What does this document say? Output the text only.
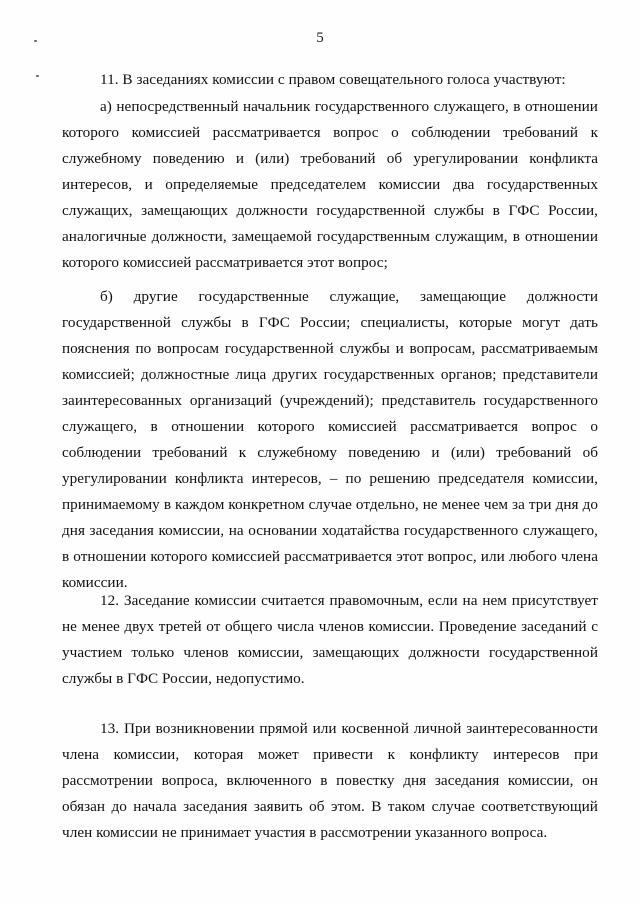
5
11. В заседаниях комиссии с правом совещательного голоса участвуют:
а) непосредственный начальник государственного служащего, в отношении которого комиссией рассматривается вопрос о соблюдении требований к служебному поведению и (или) требований об урегулировании конфликта интересов, и определяемые председателем комиссии два государственных служащих, замещающих должности государственной службы в ГФС России, аналогичные должности, замещаемой государственным служащим, в отношении которого комиссией рассматривается этот вопрос;
б) другие государственные служащие, замещающие должности государственной службы в ГФС России; специалисты, которые могут дать пояснения по вопросам государственной службы и вопросам, рассматриваемым комиссией; должностные лица других государственных органов; представители заинтересованных организаций (учреждений); представитель государственного служащего, в отношении которого комиссией рассматривается вопрос о соблюдении требований к служебному поведению и (или) требований об урегулировании конфликта интересов, – по решению председателя комиссии, принимаемому в каждом конкретном случае отдельно, не менее чем за три дня до дня заседания комиссии, на основании ходатайства государственного служащего, в отношении которого комиссией рассматривается этот вопрос, или любого члена комиссии.
12. Заседание комиссии считается правомочным, если на нем присутствует не менее двух третей от общего числа членов комиссии. Проведение заседаний с участием только членов комиссии, замещающих должности государственной службы в ГФС России, недопустимо.
13. При возникновении прямой или косвенной личной заинтересованности члена комиссии, которая может привести к конфликту интересов при рассмотрении вопроса, включенного в повестку дня заседания комиссии, он обязан до начала заседания заявить об этом. В таком случае соответствующий член комиссии не принимает участия в рассмотрении указанного вопроса.
